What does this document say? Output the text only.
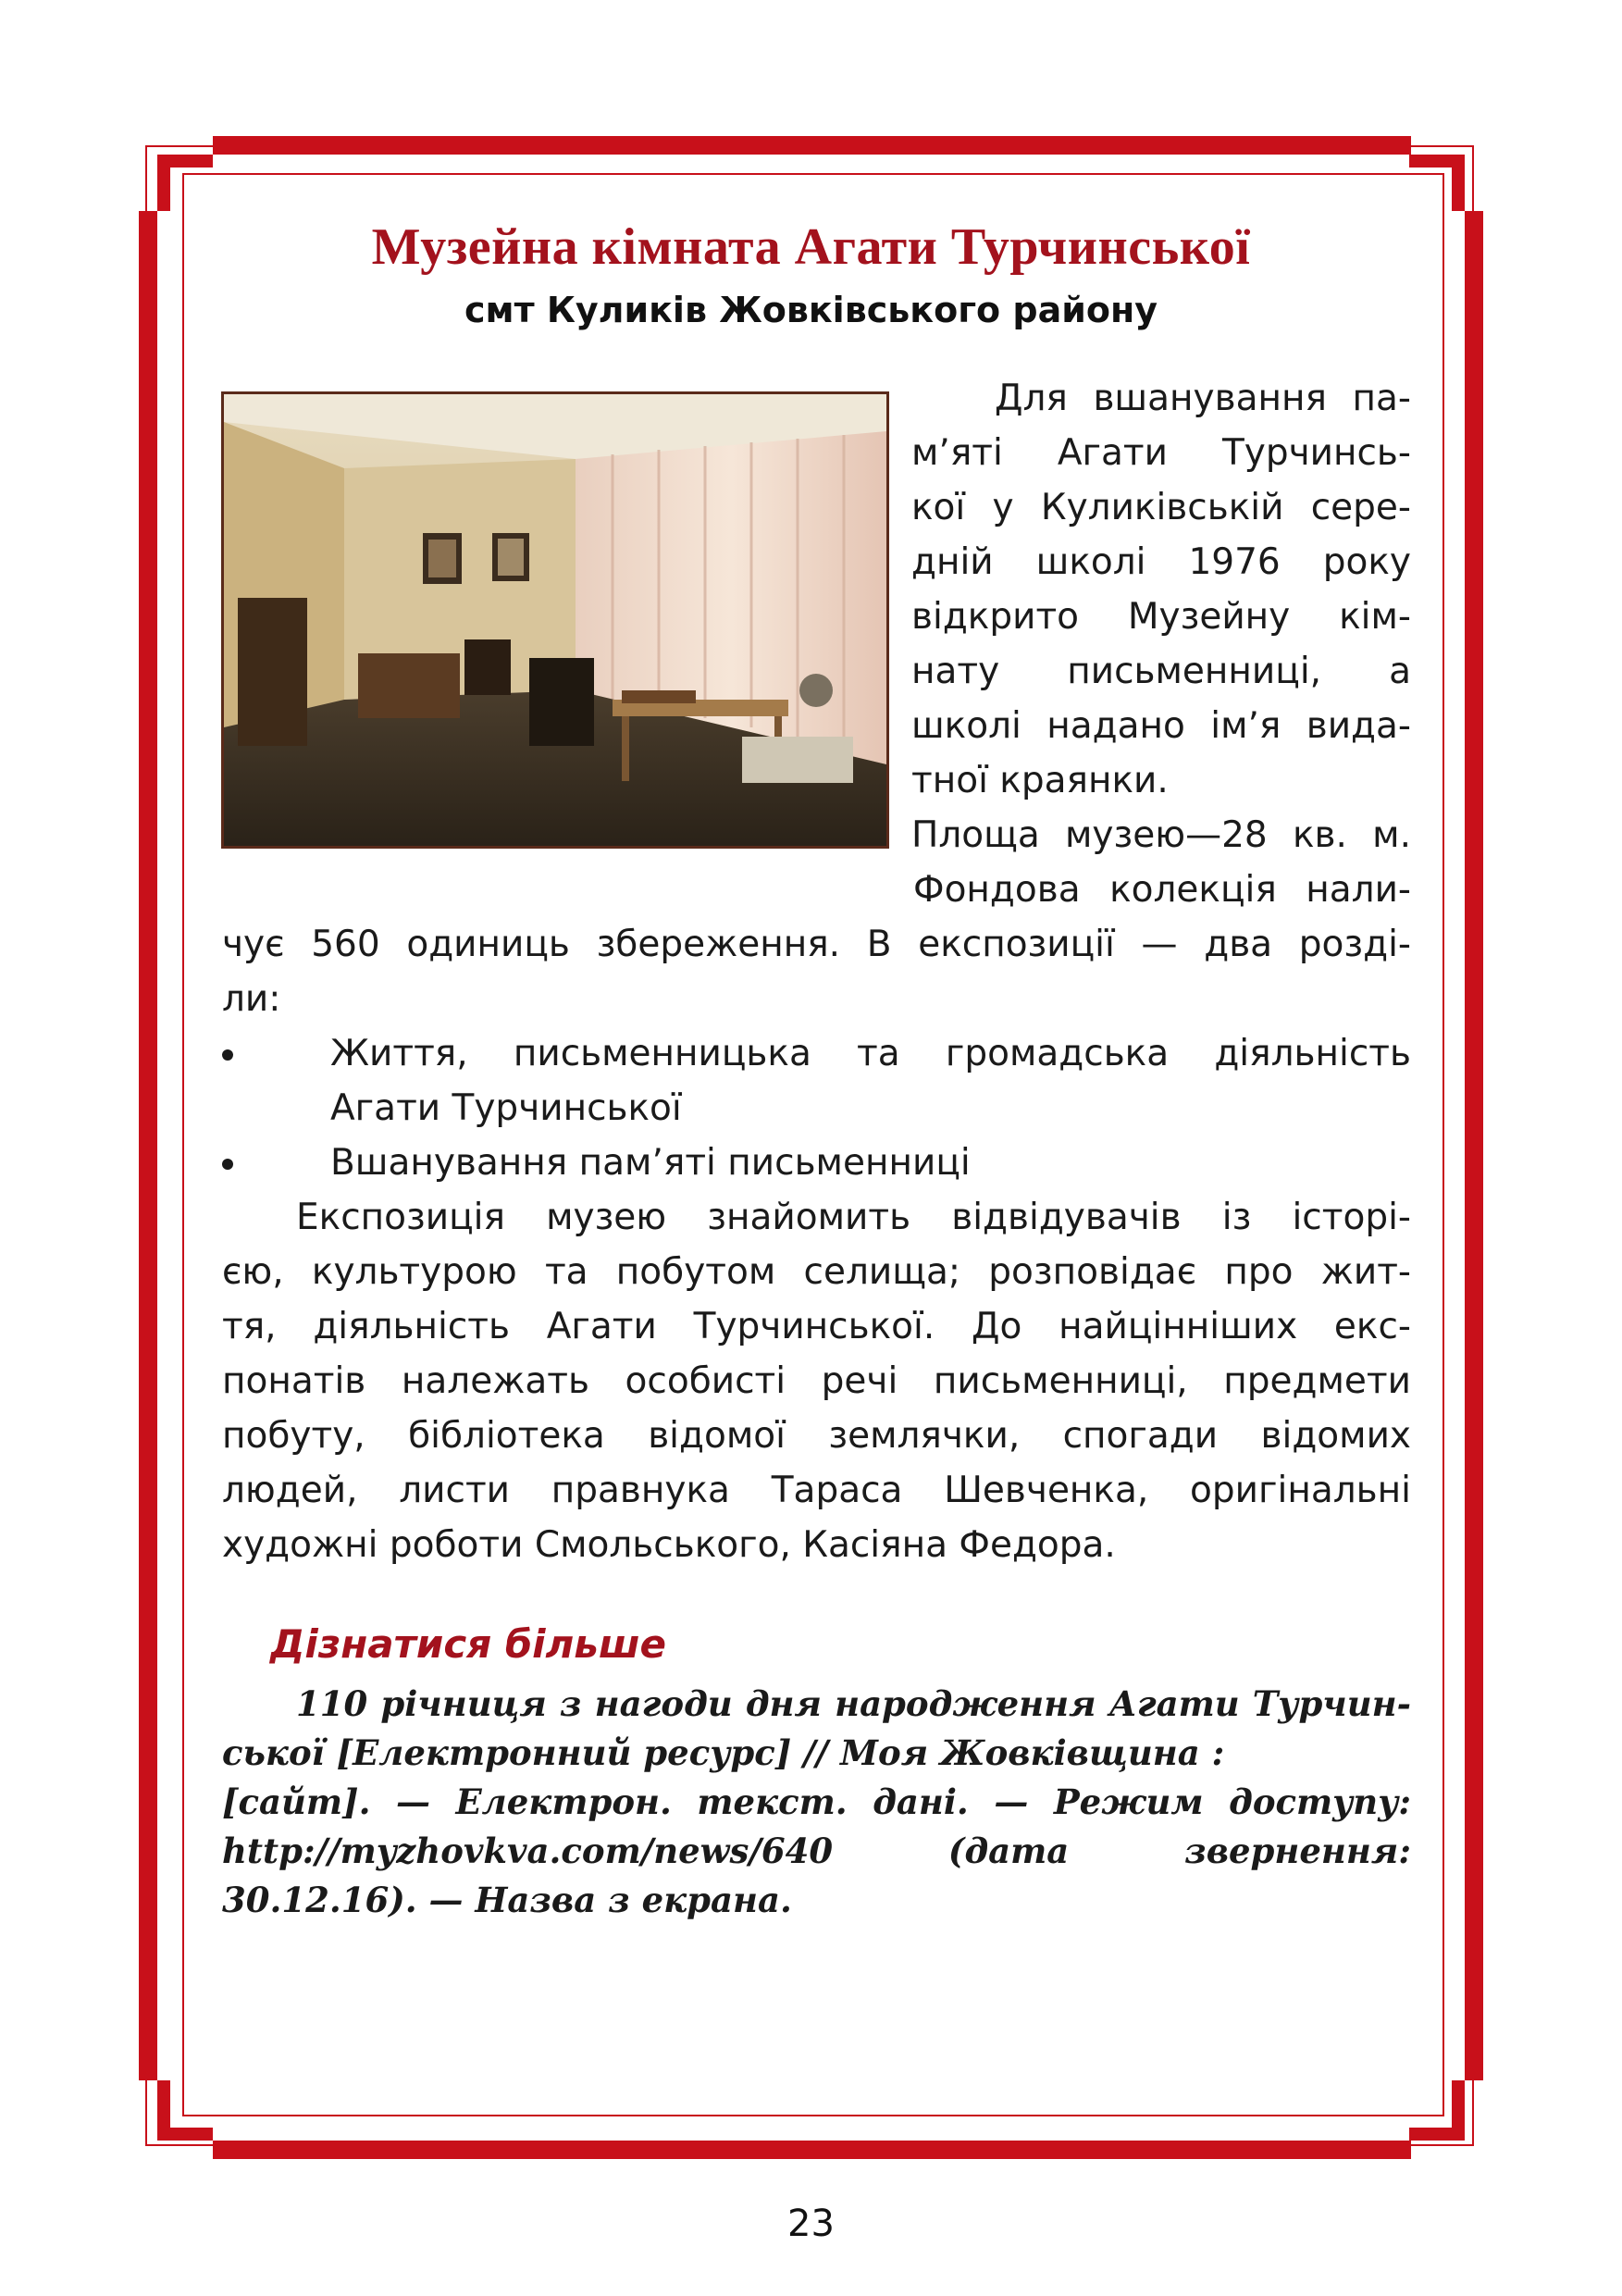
Музейна кімната Агати Турчинської
смт Куликів Жовківського району
Для вшанування па-
м’яті Агати Турчинсь-
кої у Куликівській сере-
дній школі 1976 року
відкрито Музейну кім-
нату письменниці, а
школі надано ім’я вида-
тної краянки.
Площа музею—28 кв. м.
Фондова колекція нали-
чує 560 одиниць збереження. В експозиції — два розді-
ли:
Життя, письменницька та громадська діяльність
Агати Турчинської
Вшанування пам’яті письменниці
Експозиція музею знайомить відвідувачів із історі-
єю, культурою та побутом селища; розповідає про жит-
тя, діяльність Агати Турчинської. До найцінніших екс-
понатів належать особисті речі письменниці, предмети
побуту, бібліотека відомої землячки, спогади відомих
людей, листи правнука Тараса Шевченка, оригінальні
художні роботи Смольського, Касіяна Федора.
Дізнатися більше
110 річниця з нагоди дня народження Агати Турчин-
ської [Електронний ресурс] // Моя Жовківщина :
[сайт]. — Електрон. текст. дані. — Режим доступу:
http://myzhovkva.com/news/640 (дата звернення:
30.12.16). — Назва з екрана.
23
